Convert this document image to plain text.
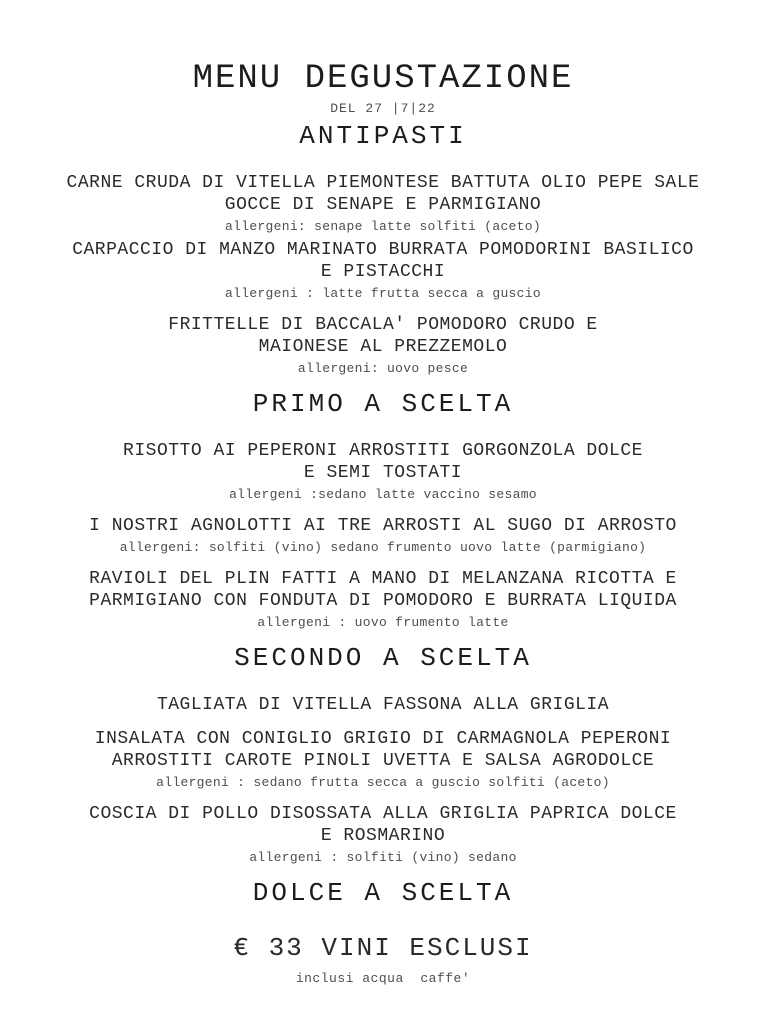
MENU DEGUSTAZIONE
DEL 27 |7|22
ANTIPASTI
CARNE CRUDA DI VITELLA PIEMONTESE BATTUTA OLIO PEPE SALE
GOCCE DI SENAPE E PARMIGIANO
allergeni: senape latte solfiti (aceto)
CARPACCIO DI MANZO MARINATO BURRATA POMODORINI BASILICO
E PISTACCHI
allergeni : latte frutta secca a guscio
FRITTELLE DI BACCALA' POMODORO CRUDO E
MAIONESE AL PREZZEMOLO
allergeni: uovo pesce
PRIMO A SCELTA
RISOTTO AI PEPERONI ARROSTITI GORGONZOLA DOLCE
E SEMI TOSTATI
allergeni :sedano latte vaccino sesamo
I NOSTRI AGNOLOTTI AI TRE ARROSTI AL SUGO DI ARROSTO
allergeni: solfiti (vino) sedano frumento uovo latte (parmigiano)
RAVIOLI DEL PLIN FATTI A MANO DI MELANZANA RICOTTA E
PARMIGIANO CON FONDUTA DI POMODORO E BURRATA LIQUIDA
allergeni : uovo frumento latte
SECONDO A SCELTA
TAGLIATA DI VITELLA FASSONA ALLA GRIGLIA
INSALATA CON CONIGLIO GRIGIO DI CARMAGNOLA PEPERONI
ARROSTITI CAROTE PINOLI UVETTA E SALSA AGRODOLCE
allergeni : sedano frutta secca a guscio solfiti (aceto)
COSCIA DI POLLO DISOSSATA ALLA GRIGLIA PAPRICA DOLCE
E ROSMARINO
allergeni : solfiti (vino) sedano
DOLCE A SCELTA
€ 33 VINI ESCLUSI
inclusi acqua  caffe'
